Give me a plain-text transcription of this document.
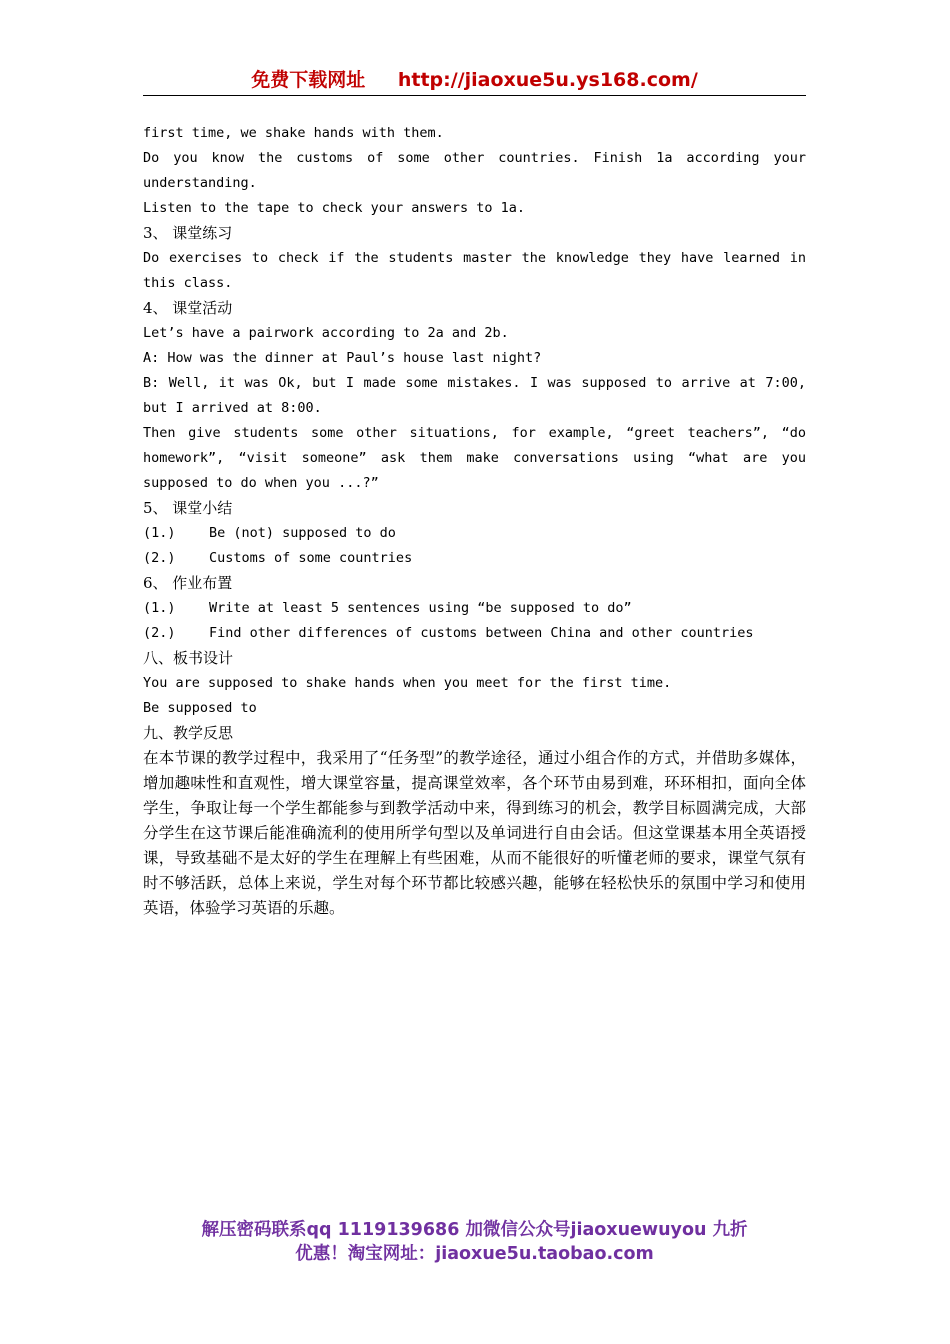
免费下载网址 http://jiaoxue5u.ys168.com/
first time, we shake hands with them.
Do you know the customs of some other countries. Finish 1a according your
understanding.
Listen to the tape to check your answers to 1a.
3、 课堂练习
Do exercises to check if the students master the knowledge they have learned in
this class.
4、 课堂活动
Let’s have a pairwork according to 2a and 2b.
A: How was the dinner at Paul’s house last night?
B: Well, it was Ok, but I made some mistakes. I was supposed to arrive at 7:00,
but I arrived at 8:00.
Then give students some other situations, for example, “greet teachers”, “do
homework”, “visit someone” ask them make conversations using “what are you
supposed to do when you ...?”
5、 课堂小结
(1.) Be (not) supposed to do
(2.) Customs of some countries
6、 作业布置
(1.) Write at least 5 sentences using “be supposed to do”
(2.) Find other differences of customs between China and other countries
八、板书设计
You are supposed to shake hands when you meet for the first time.
Be supposed to
九、教学反思
在本节课的教学过程中，我采用了“任务型”的教学途径，通过小组合作的方式，并借助多媒体，增加趣味性和直观性，增大课堂容量，提高课堂效率，各个环节由易到难，环环相扣，面向全体学生，争取让每一个学生都能参与到教学活动中来，得到练习的机会，教学目标圆满完成，大部分学生在这节课后能准确流利的使用所学句型以及单词进行自由会话。但这堂课基本用全英语授课，导致基础不是太好的学生在理解上有些困难，从而不能很好的听懂老师的要求，课堂气氛有时不够活跃，总体上来说，学生对每个环节都比较感兴趣，能够在轻松快乐的氛围中学习和使用英语，体验学习英语的乐趣。
解压密码联系qq 1119139686 加微信公众号jiaoxuewuyou 九折
优惠！淘宝网址：jiaoxue5u.taobao.com
